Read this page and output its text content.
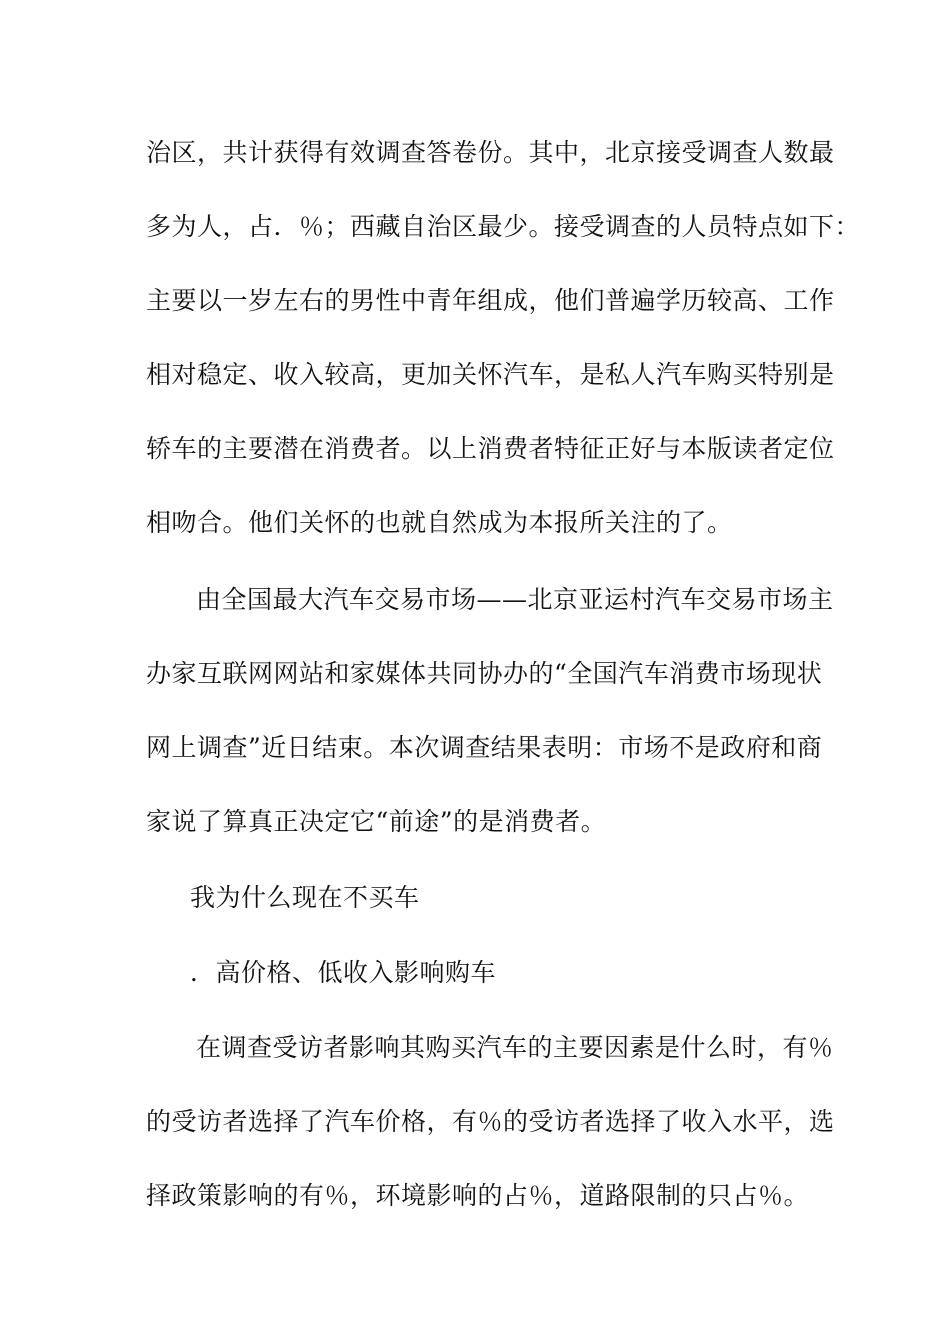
治区，共计获得有效调查答卷份。其中，北京接受调查人数最
多为人，占．％；西藏自治区最少。接受调查的人员特点如下：
主要以一岁左右的男性中青年组成，他们普遍学历较高、工作
相对稳定、收入较高，更加关怀汽车，是私人汽车购买特别是
轿车的主要潜在消费者。以上消费者特征正好与本版读者定位
相吻合。他们关怀的也就自然成为本报所关注的了。
由全国最大汽车交易市场——北京亚运村汽车交易市场主
办家互联网网站和家媒体共同协办的“全国汽车消费市场现状
网上调查”近日结束。本次调查结果表明：市场不是政府和商
家说了算真正决定它“前途”的是消费者。
我为什么现在不买车
．高价格、低收入影响购车
在调查受访者影响其购买汽车的主要因素是什么时，有％
的受访者选择了汽车价格，有％的受访者选择了收入水平，选
择政策影响的有％，环境影响的占％，道路限制的只占％。
